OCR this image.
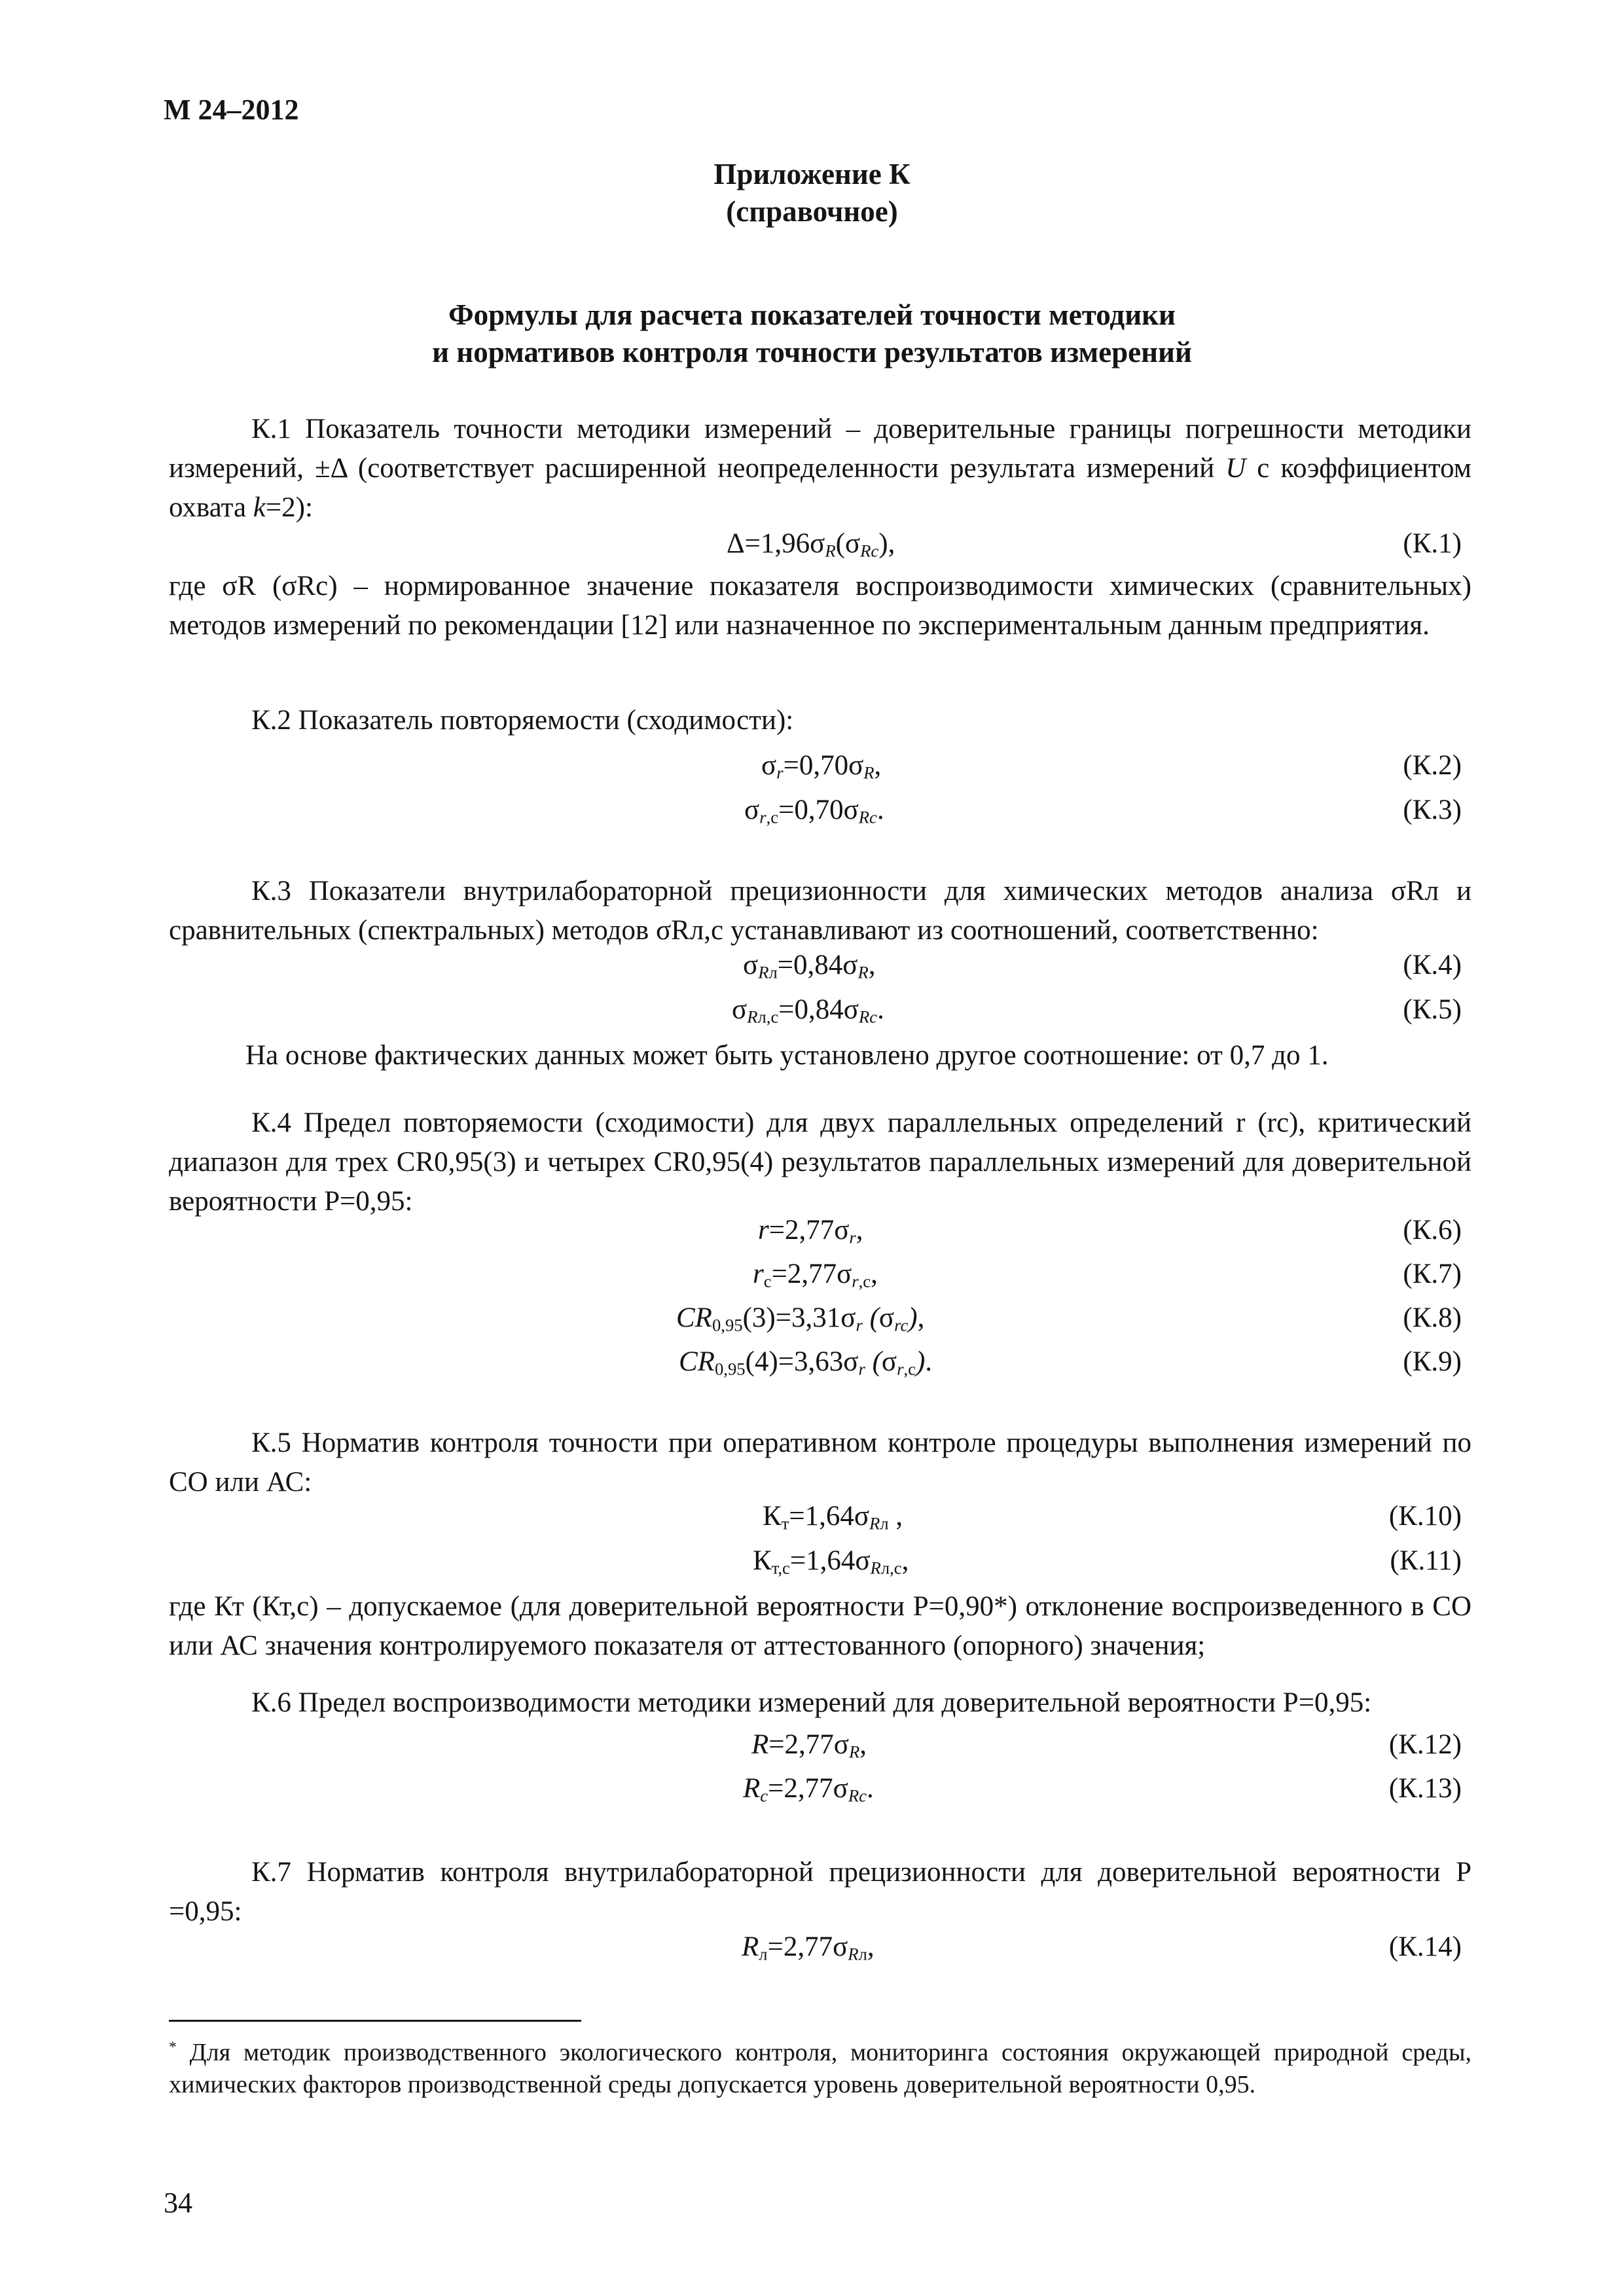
М 24–2012
Приложение К
(справочное)
Формулы для расчета показателей точности методики
и нормативов контроля точности результатов измерений
К.1 Показатель точности методики измерений – доверительные границы погрешности методики измерений, ±Δ (соответствует расширенной неопределенности результата измерений U с коэффициентом охвата k=2):
$\Delta=1,96\sigma_R(\sigma_{Rc})$,	(К.1)
где σR (σRc) – нормированное значение показателя воспроизводимости химических (сравнительных) методов измерений по рекомендации [12] или назначенное по экспериментальным данным предприятия.
К.2 Показатель повторяемости (сходимости):
$\sigma_r=0,70\sigma_R$,	(К.2)
$\sigma_{r,c}=0,70\sigma_{Rc}$.	(К.3)
К.3 Показатели внутрилабораторной прецизионности для химических методов анализа σRл и сравнительных (спектральных) методов σRл,c устанавливают из соотношений, соответственно:
$\sigma_{Rл}=0,84\sigma_R$,	(К.4)
$\sigma_{Rл,c}=0,84\sigma_{Rc}$.	(К.5)
На основе фактических данных может быть установлено другое соотношение: от 0,7 до 1.
К.4 Предел повторяемости (сходимости) для двух параллельных определений r (rc), критический диапазон для трех CR0,95(3) и четырех CR0,95(4) результатов параллельных измерений для доверительной вероятности P=0,95:
$r=2,77\sigma_r$,	(К.6)
$r_c=2,77\sigma_{r,c}$,	(К.7)
$CR_{0,95}(3)=3,31\sigma_r$ $(\sigma_{rc})$,	(К.8)
$CR_{0,95}(4)=3,63\sigma_r$ $(\sigma_{r,c})$.	(К.9)
К.5 Норматив контроля точности при оперативном контроле процедуры выполнения измерений по СО или АС:
$К_т=1,64\sigma_{Rл}$ ,	(К.10)
$К_{т,c}=1,64\sigma_{Rл,c}$,	(К.11)
где Кт (Кт,c) – допускаемое (для доверительной вероятности P=0,90*) отклонение воспроизведенного в СО или АС значения контролируемого показателя от аттестованного (опорного) значения;
К.6 Предел воспроизводимости методики измерений для доверительной вероятности P=0,95:
$R=2,77\sigma_R$,	(К.12)
$R_c=2,77\sigma_{Rc}$.	(К.13)
К.7 Норматив контроля внутрилабораторной прецизионности для доверительной вероятности P =0,95:
$R_л=2,77\sigma_{Rл}$,	(К.14)
* Для методик производственного экологического контроля, мониторинга состояния окружающей природной среды, химических факторов производственной среды допускается уровень доверительной вероятности 0,95.
34
